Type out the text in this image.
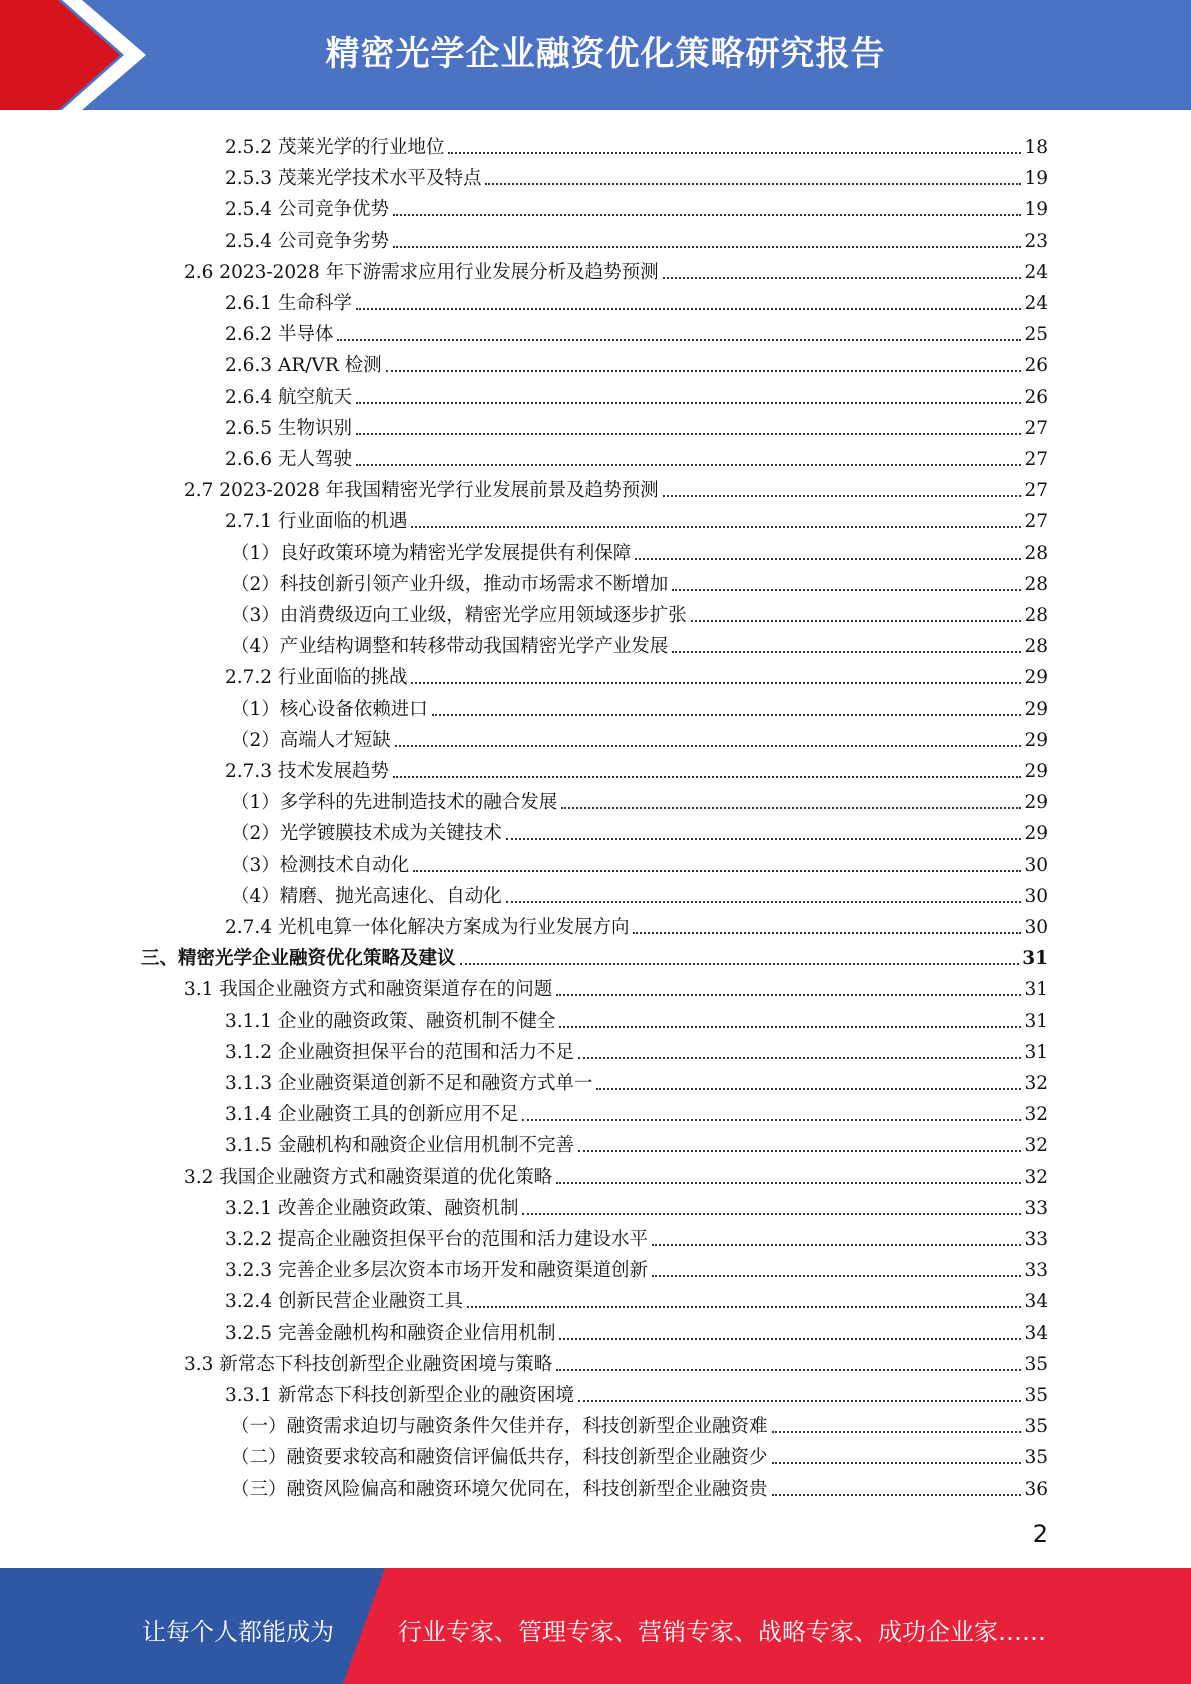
精密光学企业融资优化策略研究报告
2.5.2 茂莱光学的行业地位	18
2.5.3 茂莱光学技术水平及特点	19
2.5.4 公司竞争优势	19
2.5.4 公司竞争劣势	23
2.6 2023-2028 年下游需求应用行业发展分析及趋势预测	24
2.6.1 生命科学	24
2.6.2 半导体	25
2.6.3 AR/VR 检测	26
2.6.4 航空航天	26
2.6.5 生物识别	27
2.6.6 无人驾驶	27
2.7 2023-2028 年我国精密光学行业发展前景及趋势预测	27
2.7.1 行业面临的机遇	27
（1）良好政策环境为精密光学发展提供有利保障	28
（2）科技创新引领产业升级，推动市场需求不断增加	28
（3）由消费级迈向工业级，精密光学应用领域逐步扩张	28
（4）产业结构调整和转移带动我国精密光学产业发展	28
2.7.2 行业面临的挑战	29
（1）核心设备依赖进口	29
（2）高端人才短缺	29
2.7.3 技术发展趋势	29
（1）多学科的先进制造技术的融合发展	29
（2）光学镀膜技术成为关键技术	29
（3）检测技术自动化	30
（4）精磨、抛光高速化、自动化	30
2.7.4 光机电算一体化解决方案成为行业发展方向	30
三、精密光学企业融资优化策略及建议	31
3.1 我国企业融资方式和融资渠道存在的问题	31
3.1.1 企业的融资政策、融资机制不健全	31
3.1.2 企业融资担保平台的范围和活力不足	31
3.1.3 企业融资渠道创新不足和融资方式单一	32
3.1.4 企业融资工具的创新应用不足	32
3.1.5 金融机构和融资企业信用机制不完善	32
3.2 我国企业融资方式和融资渠道的优化策略	32
3.2.1 改善企业融资政策、融资机制	33
3.2.2 提高企业融资担保平台的范围和活力建设水平	33
3.2.3 完善企业多层次资本市场开发和融资渠道创新	33
3.2.4 创新民营企业融资工具	34
3.2.5 完善金融机构和融资企业信用机制	34
3.3 新常态下科技创新型企业融资困境与策略	35
3.3.1 新常态下科技创新型企业的融资困境	35
（一）融资需求迫切与融资条件欠佳并存，科技创新型企业融资难	35
（二）融资要求较高和融资信评偏低共存，科技创新型企业融资少	35
（三）融资风险偏高和融资环境欠优同在，科技创新型企业融资贵	36
2
让每个人都能成为	行业专家、管理专家、营销专家、战略专家、成功企业家……
